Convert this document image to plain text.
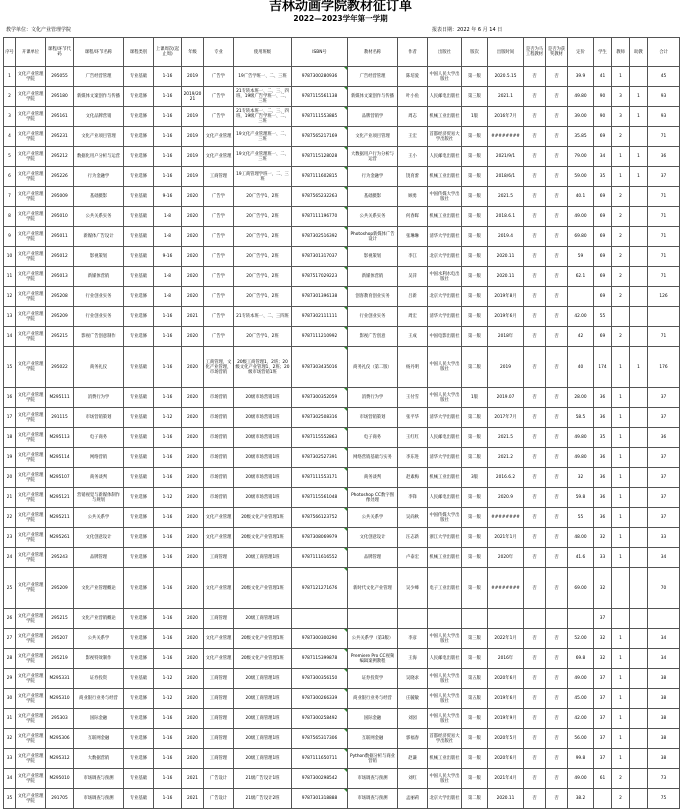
吉林动画学院教材征订单
2022—2023学年第一学期
教学单位：文化产业管理学院	报表日期：2022 年 6 月 14 日
序号	开课单位	课程/环节代码	课程/环节名称	课程类别	上课周次(起止周)	年级	专业	使用班级	ISBN号	教材名称	作者	出版社	版次	出版时间	是否为马工程教材	是否为获奖教材	定价	学生	教师	助教	合计
1	文化产业管理学院	295055	广告经营管理	专业基础	1-16	2019	广告学	19广告学班一、二、三班	9787300280936	广告经营管理	陈培爱	中国人民大学出版社	第一版	2020.5.15	否	否	39.9	41	1		45
2	文化产业管理学院	295180	新媒体文案创作与传播	专业选修	1-16	2019/2021	广告学	21专转本班一、二、三、四班，19级广告学班一、二、三班	9787115561138	新媒体文案创作与传播	叶小鱼	人民邮电出版社	第三版	2021.1	否	否	49.80	90	3	1	93
3	文化产业管理学院	295161	文化品牌营销	专业选修	1-16	2019	广告学	21专转本班一、二、三、四班，19级广告学班一、二、三班	9787111553885	品牌营销学	周志	机械工业出版社	1版	2016年7月	否	否	39.00	90	3	1	93
4	文化产业管理学院	295231	文化产业项目管理	专业选修	1-16	2019	文化产业管理	19文化产业管理班一、二、三班	9787565217169	文化产业项目管理	王宏	首都经济贸易大学出版社	第一版	########	否	否	35.85	69	2		71
5	文化产业管理学院	295212	数据化用户分析与运营	专业选修	1-16	2019	文化产业管理	19文化产业管理班一、二、三班	9787115128028	大数据用户行为分析与运营	王小	人民邮电出版社	第一版	2021/9/1	否	否	79.00	34	1	1	36
6	文化产业管理学院	295226	行为金融学	专业选修	1-16	2019	工商管理	19工商管理学班一、二、三班	9787111602815	行为金融学	饶育蕾	机械工业出版社	第一版	2018/6/1	否	否	59.00	35	1	1	37
7	文化产业管理学院	295009	基础摄影	专业基础	9-16	2020	广告学	20广告学1、2班	9787565232263	基础摄影	顾勇	中国传媒大学出版社	第一版	2021.5	否	否	40.1	69	2		71
8	文化产业管理学院	295010	公共关系实务	专业基础	1-8	2020	广告学	20广告学1、2班	9787111196770	公共关系实务	何春晖	机械工业出版社	第一版	2018.6.1	否	否	49.00	69	2		71
9	文化产业管理学院	295011	新媒体广告设计	专业基础	1-8	2020	广告学	20广告学1、2班	9787302516392	Photoshop新媒体广告设计	张琳琳	清华大学出版社	第一版	2019.4	否	否	69.80	69	2		71
10	文化产业管理学院	295012	影视策划	专业基础	9-16	2020	广告学	20广告学1、2班	9787301317037	影视策划	李江	北京大学出版社	第一版	2020.11	否	否	59	69	2		71
11	文化产业管理学院	295013	新媒体营销	专业基础	1-8	2020	广告学	20广告学1、2班	9787517029223	新媒体营销	吴萍	中国水利水电出版社	第一版	2020.11	否	否	62.1	69	2		71
12	文化产业管理学院	295208	行业创业实务	专业选修	1-8	2020	广告学	20广告学1、2班	9787301396138	创客教育创业实务	吕新	北京大学出版社	第一版	2019年8月	否	否		69	2		126
13	文化产业管理学院	295209	行业创业实务	专业选修	1-16	2021	广告学	21专转本班一、二、三四班	9787302111111	行业创业实务	周宏	清华大学出版社	第一版	2019年6月	否	否	42.00	55			
14	文化产业管理学院	295215	影视广告创意制作	专业选修	1-16	2020	广告学	20广告学1、2班	9787111210992	影视广告创意	王成	中国电影出版社	第一版	2018年	否	否	42	69	2		71
15	文化产业管理学院	295022	商务礼仪	专业基础	1-16	2020	工商管理，文化产业管理，市场营销	20级工商管理1、2班；20级文化产业管理1、2班；20级市场营销1班	9787303435016	商务礼仪（第二版）	杨丹明	中国人民大学出版社	第二版	2019	否	否	40	174	1	1	176
16	文化产业管理学院	M295111	消费行为学	专业基础	1-16	2020	市场营销	20级市场营销1班	9787300352059	消费行为学	王付雪	中国人民大学出版社	1版	2019.07	否	否	28.00	36	1		37
17	文化产业管理学院	291115	市场营销策划	专业基础	1-12	2020	市场营销	20级市场营销1班	9787302508316	市场营销策划	张平华	清华大学出版社	第二版	2017年7月	否	否	58.5	36	1		37
18	文化产业管理学院	M295113	电子商务	专业基础	1-16	2020	市场营销	20级市场营销1班	9787115552863	电子商务	王红红	人民邮电出版社	第一版	2021.5	否	否	49.80	35	1		36
19	文化产业管理学院	M295114	网络营销	专业基础	1-16	2020	市场营销	20级市场营销1班	9787302527391	网络营销基础与实务	李东进	清华大学出版社	第二版	2021.2	否	否	49.80	36	1		37
20	文化产业管理学院	M295107	商务谈判	专业基础	1-16	2020	市场营销	20级市场营销1班	9787111553171	商务谈判	赵素梅	机械工业出版社	3版	2016.6.2	否	否	32	36	1		37
21	文化产业管理学院	M295121	营销视觉与新媒体制作与规划	专业选修	1-12	2020	市场营销	20级市场营销1班	9787115561048	Photoshop CC数字图像处理	李锋	人民邮电出版社	第一版	2020.9	否	否	59.8	36	1		37
22	文化产业管理学院	M295211	公共关系学	专业选修	1-16	2020	文化产业管理	20级文化产业管理1班	9787566123752	公共关系学	吴尚秋	中国传媒大学出版社	第一版	########	否	否	55	36	1		37
23	文化产业管理学院	M295261	文化创意设计	专业选修	1-16	2020	文化产业管理	20级文化产业管理1班	9787308069979	文化创意设计	汪志新	浙江大学出版社	第一版	2021年1月	否	否	48.00	32	1		33
24	文化产业管理学院	295243	品牌管理	专业选修	1-16	2020	工商管理	20级工商管理1班	9787111616552	品牌管理	卢泰宏	机械工业出版社	第一版	2020年	否	否	41.6	33	1		34
25	文化产业管理学院	295209	文化产业管理概论	专业选修	1-16	2020	文化产业管理	20级文化产业管理1班	9787121271676	新时代文化产业管理	吴少峰	电子工业出版社	第一版	########	否	否	69.00	32			70
26	文化产业管理学院	295215	文化产业营销概论	专业选修	1-16	2020	工商管理	20级工商管理1班										37			
27	文化产业管理学院	295207	公共关系学	专业选修	1-16	2020	文化产业管理	20级文化产业管理1班	9787300300290	公共关系学（第3版）	李彦	中国人民大学出版社	第三版	2022年1月	否	否	52.00	32	1		34
28	文化产业管理学院	295219	影视特效制作	专业选修	1-16	2020	文化产业管理	20级文化产业管理1班	9787115399878	Premiere Pro CC视频编辑案例教程	王海	人民邮电出版社	第一版	2016年	否	否	69.8	32	1		34
29	文化产业管理学院	M295331	证券投资	专业基础	1-12	2020	工商管理	20级工商管理1班	9787300356150	证券投资学	吴晓求	中国人民大学出版社	第五版	2020年6月	否	否	49.00	37	1		38
30	文化产业管理学院	M295310	商业银行业务与经营	专业选修	1-12	2020	工商管理	20级工商管理1班	9787300266339	商业银行业务与经营	庄毓敏	中国人民大学出版社	第五版	2019年6月	否	否	45.00	37	1		38
31	文化产业管理学院	295303	国际金融	专业选修	1-16	2020	工商管理	20级工商管理1班	9787300258492	国际金融	刘园	中国人民大学出版社	第一版	2019年9月	否	否	42.00	37	1		38
32	文化产业管理学院	M295306	互联网金融	专业选修	1-16	2020	工商管理	20级工商管理1班	9787565317306	互联网金融	郭福春	首都经济贸易大学出版社	第一版	2020年5月	否	否	56.00	37	1		38
33	文化产业管理学院	M295312	大数据营销	专业选修	1-16	2020	工商管理	20级工商管理1班	9787111650711	Python数据分析与商业营销	赵谦	机械工业出版社	第一版	2020年6月	否	否	99.8	37	1		38
34	文化产业管理学院	M295010	市场调查与预测	专业基础	1-16	2021	广告设计	21级广告设计1班	9787300298542	市场调查与预测	刘红	中国人民大学出版社	第一版	2021年4月	否	否	49.00	61	2		73
35	文化产业管理学院	291705	市场调查与预测	专业基础	1-16	2021	广告设计	21级广告设计2班	9787301318888	市场调查与预测	孟丽莉	北京大学出版社	第二版	2020.11	否	否	38.2		2		75
